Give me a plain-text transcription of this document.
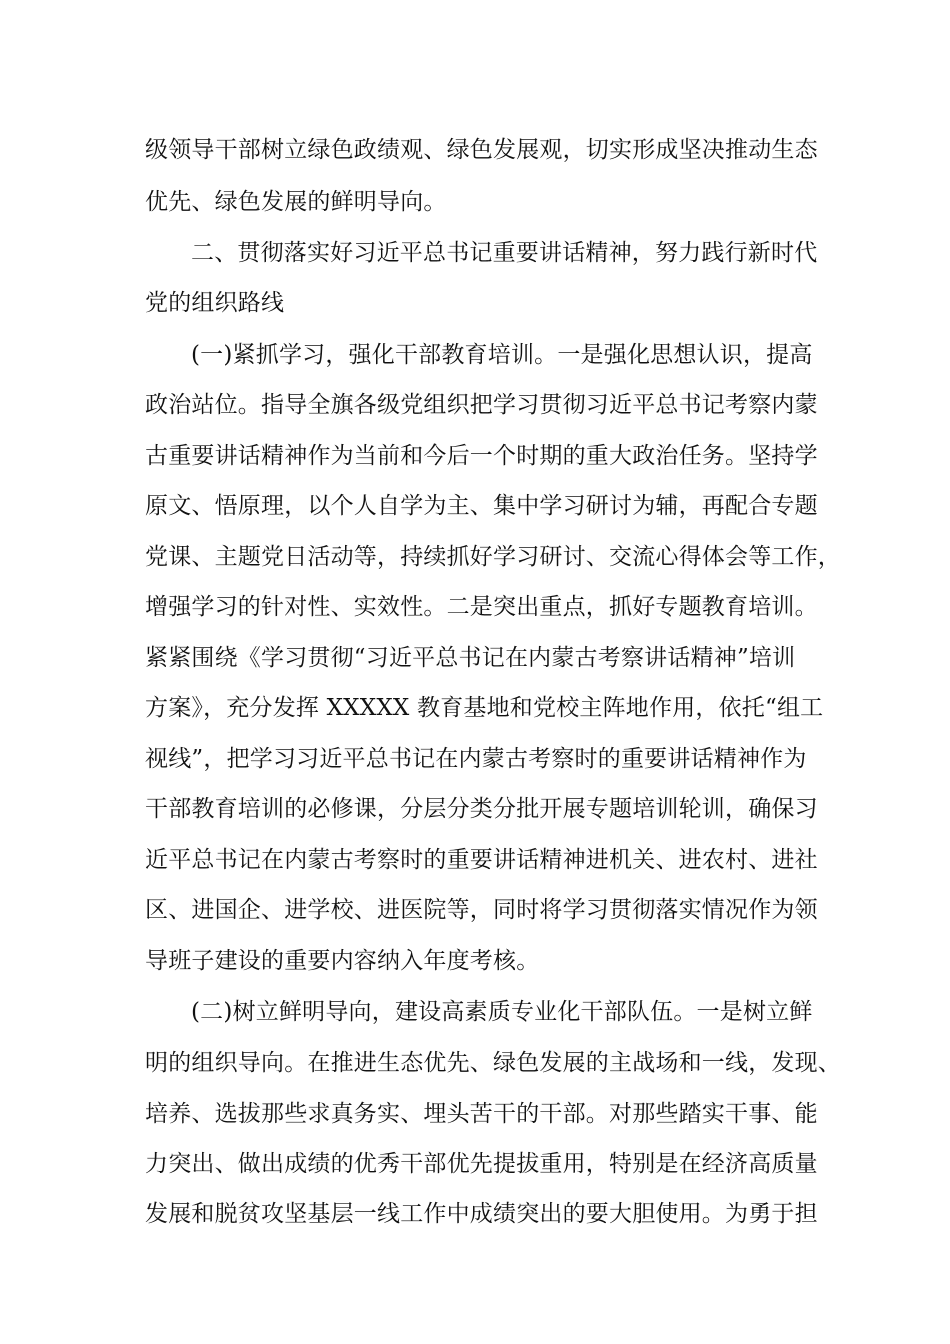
级领导干部树立绿色政绩观、绿色发展观，切实形成坚决推动生态
优先、绿色发展的鲜明导向。
二、贯彻落实好习近平总书记重要讲话精神，努力践行新时代
党的组织路线
(一)紧抓学习，强化干部教育培训。一是强化思想认识，提高
政治站位。指导全旗各级党组织把学习贯彻习近平总书记考察内蒙
古重要讲话精神作为当前和今后一个时期的重大政治任务。坚持学
原文、悟原理，以个人自学为主、集中学习研讨为辅，再配合专题
党课、主题党日活动等，持续抓好学习研讨、交流心得体会等工作，
增强学习的针对性、实效性。二是突出重点，抓好专题教育培训。
紧紧围绕《学习贯彻“习近平总书记在内蒙古考察讲话精神”培训
方案》，充分发挥 XXXXX 教育基地和党校主阵地作用，依托“组工
视线”，把学习习近平总书记在内蒙古考察时的重要讲话精神作为
干部教育培训的必修课，分层分类分批开展专题培训轮训，确保习
近平总书记在内蒙古考察时的重要讲话精神进机关、进农村、进社
区、进国企、进学校、进医院等，同时将学习贯彻落实情况作为领
导班子建设的重要内容纳入年度考核。
(二)树立鲜明导向，建设高素质专业化干部队伍。一是树立鲜
明的组织导向。在推进生态优先、绿色发展的主战场和一线，发现、
培养、选拔那些求真务实、埋头苦干的干部。对那些踏实干事、能
力突出、做出成绩的优秀干部优先提拔重用，特别是在经济高质量
发展和脱贫攻坚基层一线工作中成绩突出的要大胆使用。为勇于担
